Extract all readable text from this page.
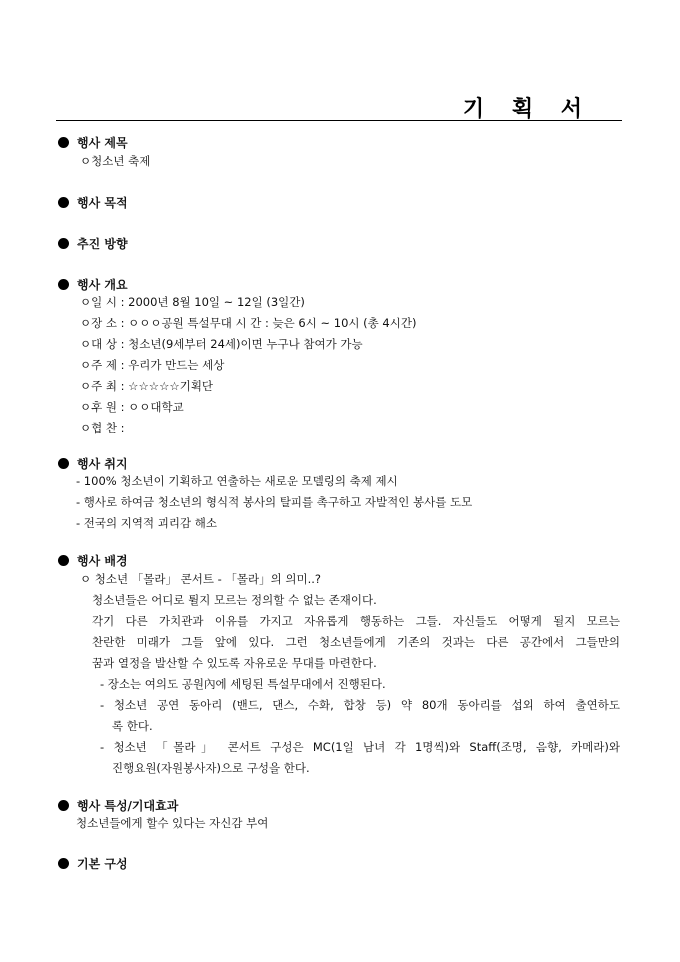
기 획 서
행사 제목
ㅇ청소년 축제
행사 목적
추진 방향
행사 개요
ㅇ일 시 : 2000년 8월 10일 ~ 12일 (3일간)
ㅇ장 소 : ㅇㅇㅇ공원 특설무대 시 간 : 늦은 6시 ~ 10시 (총 4시간)
ㅇ대 상 : 청소년(9세부터 24세)이면 누구나 참여가 가능
ㅇ주 제 : 우리가 만드는 세상
ㅇ주 최 : ☆☆☆☆☆기획단
ㅇ후 원 : ㅇㅇ대학교
ㅇ협 찬 :
행사 취지
- 100% 청소년이 기획하고 연출하는 새로운 모델링의 축제 제시
- 행사로 하여금 청소년의 형식적 봉사의 탈피를 촉구하고 자발적인 봉사를 도모
- 전국의 지역적 괴리감 해소
행사 배경
ㅇ 청소년 「몰라」 콘서트 - 「몰라」의 의미..?
청소년들은 어디로 튈지 모르는 정의할 수 없는 존재이다.
각기 다른 가치관과 이유를 가지고 자유롭게 행동하는 그들. 자신들도 어떻게 될지 모르는
찬란한 미래가 그들 앞에 있다. 그런 청소년들에게 기존의 것과는 다른 공간에서 그들만의
꿈과 열정을 발산할 수 있도록 자유로운 무대를 마련한다.
- 장소는 여의도 공원內에 세팅된 특설무대에서 진행된다.
- 청소년 공연 동아리 (밴드, 댄스, 수화, 합창 등) 약 80개 동아리를 섭외 하여 출연하도
록 한다.
- 청소년 「몰라」 콘서트 구성은 MC(1일 남녀 각 1명씩)와 Staff(조명, 음향, 카메라)와
진행요원(자원봉사자)으로 구성을 한다.
행사 특성/기대효과
청소년들에게 할수 있다는 자신감 부여
기본 구성
